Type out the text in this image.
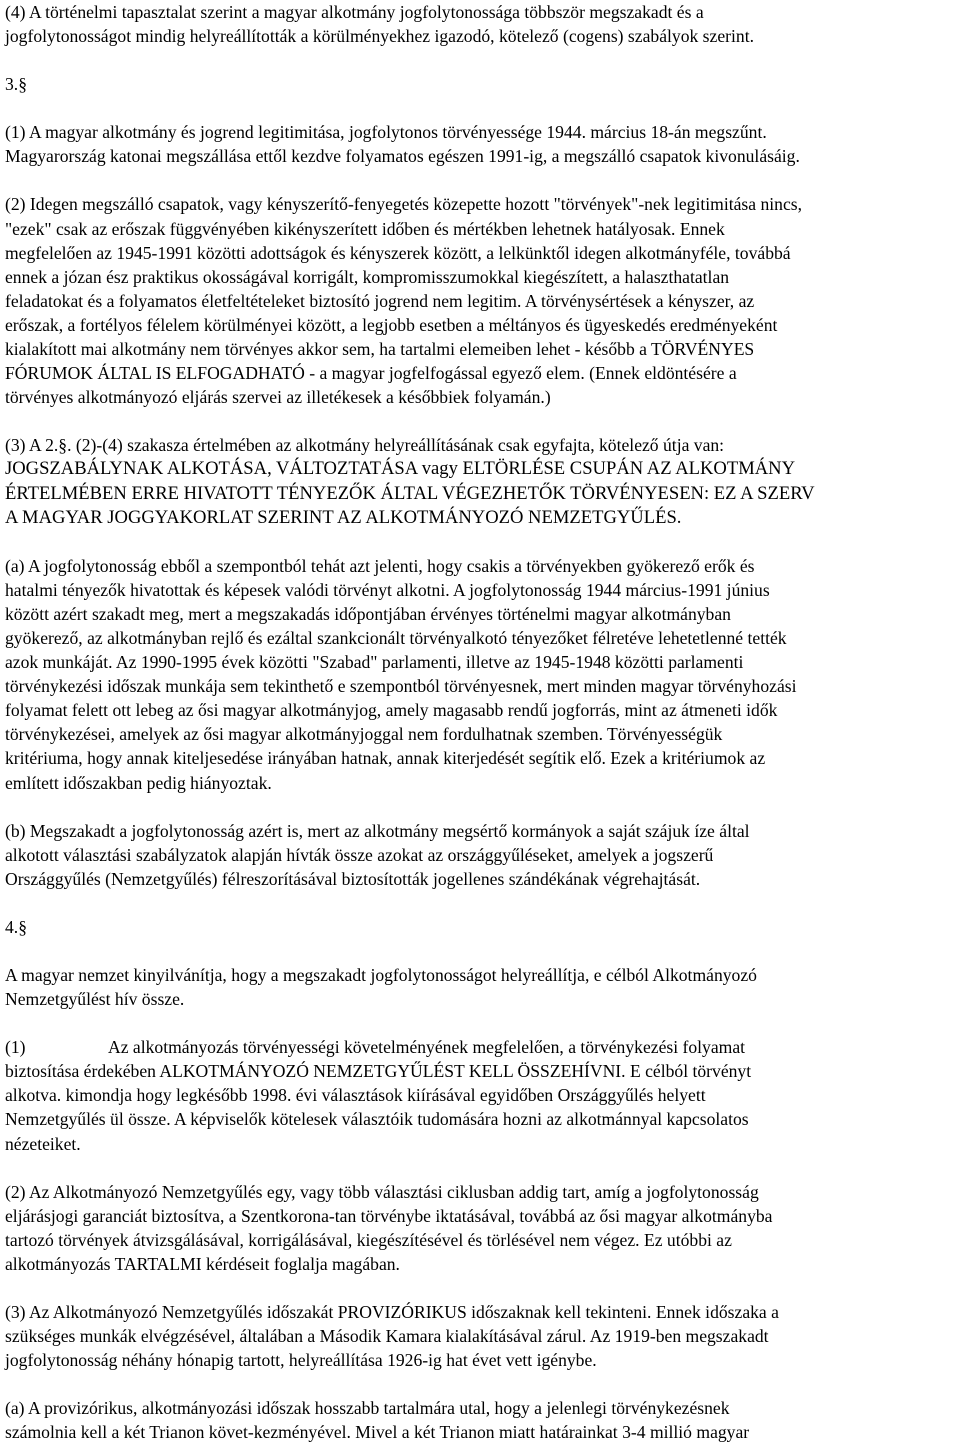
(4) A történelmi tapasztalat szerint a magyar alkotmány jogfolytonossága többször megszakadt és a
jogfolytonosságot mindig helyreállították a körülményekhez igazodó, kötelező (cogens) szabályok szerint.
3.§
(1) A magyar alkotmány és jogrend legitimitása, jogfolytonos törvényessége 1944. március 18-án megszűnt.
Magyarország katonai megszállása ettől kezdve folyamatos egészen 1991-ig, a megszálló csapatok kivonulásáig.
(2) Idegen megszálló csapatok, vagy kényszerítő-fenyegetés közepette hozott "törvények"-nek legitimitása nincs,
"ezek" csak az erőszak függvényében kikényszerített időben és mértékben lehetnek hatályosak. Ennek
megfelelően az 1945-1991 közötti adottságok és kényszerek között, a lelkünktől idegen alkotmányféle, továbbá
ennek a józan ész praktikus okosságával korrigált, kompromisszumokkal kiegészített, a halaszthatatlan
feladatokat és a folyamatos életfeltételeket biztosító jogrend nem legitim. A törvénysértések a kényszer, az
erőszak, a fortélyos félelem körülményei között, a legjobb esetben a méltányos és ügyeskedés eredményeként
kialakított mai alkotmány nem törvényes akkor sem, ha tartalmi elemeiben lehet - később a TÖRVÉNYES
FÓRUMOK ÁLTAL IS ELFOGADHATÓ - a magyar jogfelfogással egyező elem. (Ennek eldöntésére a
törvényes alkotmányozó eljárás szervei az illetékesek a későbbiek folyamán.)
(3) A 2.§. (2)-(4) szakasza értelmében az alkotmány helyreállításának csak egyfajta, kötelező útja van:
JOGSZABÁLYNAK ALKOTÁSA, VÁLTOZTATÁSA vagy ELTÖRLÉSE CSUPÁN AZ ALKOTMÁNY
ÉRTELMÉBEN ERRE HIVATOTT TÉNYEZŐK ÁLTAL VÉGEZHETŐK TÖRVÉNYESEN: EZ A SZERV
A MAGYAR JOGGYAKORLAT SZERINT AZ ALKOTMÁNYOZÓ NEMZETGYŰLÉS.
(a) A jogfolytonosság ebből a szempontból tehát azt jelenti, hogy csakis a törvényekben gyökerező erők és
hatalmi tényezők hivatottak és képesek valódi törvényt alkotni. A jogfolytonosság 1944 március-1991 június
között azért szakadt meg, mert a megszakadás időpontjában érvényes történelmi magyar alkotmányban
gyökerező, az alkotmányban rejlő és ezáltal szankcionált törvényalkotó tényezőket félretéve lehetetlenné tették
azok munkáját. Az 1990-1995 évek közötti "Szabad" parlamenti, illetve az 1945-1948 közötti parlamenti
törvénykezési időszak munkája sem tekinthető e szempontból törvényesnek, mert minden magyar törvényhozási
folyamat felett ott lebeg az ősi magyar alkotmányjog, amely magasabb rendű jogforrás, mint az átmeneti idők
törvénykezései, amelyek az ősi magyar alkotmányjoggal nem fordulhatnak szemben. Törvényességük
kritériuma, hogy annak kiteljesedése irányában hatnak, annak kiterjedését segítik elő. Ezek a kritériumok az
említett időszakban pedig hiányoztak.
(b) Megszakadt a jogfolytonosság azért is, mert az alkotmány megsértő kormányok a saját szájuk íze által
alkotott választási szabályzatok alapján hívták össze azokat az országgyűléseket, amelyek a jogszerű
Országgyűlés (Nemzetgyűlés) félreszorításával biztosították jogellenes szándékának végrehajtását.
4.§
A magyar nemzet kinyilvánítja, hogy a megszakadt jogfolytonosságot helyreállítja, e célból Alkotmányozó
Nemzetgyűlést hív össze.
(1)	Az alkotmányozás törvényességi követelményének megfelelően, a törvénykezési folyamat
biztosítása érdekében ALKOTMÁNYOZÓ NEMZETGYŰLÉST KELL ÖSSZEHÍVNI. E célból törvényt
alkotva. kimondja hogy legkésőbb 1998. évi választások kiírásával egyidőben Országgyűlés helyett
Nemzetgyűlés ül össze. A képviselők kötelesek választóik tudomására hozni az alkotmánnyal kapcsolatos
nézeteiket.
(2) Az Alkotmányozó Nemzetgyűlés egy, vagy több választási ciklusban addig tart, amíg a jogfolytonosság
eljárásjogi garanciát biztosítva, a Szentkorona-tan törvénybe iktatásával, továbbá az ősi magyar alkotmányba
tartozó törvények átvizsgálásával, korrigálásával, kiegészítésével és törlésével nem végez. Ez utóbbi az
alkotmányozás TARTALMI kérdéseit foglalja magában.
(3) Az Alkotmányozó Nemzetgyűlés időszakát PROVIZÓRIKUS időszaknak kell tekinteni. Ennek időszaka a
szükséges munkák elvégzésével, általában a Második Kamara kialakításával zárul. Az 1919-ben megszakadt
jogfolytonosság néhány hónapig tartott, helyreállítása 1926-ig hat évet vett igénybe.
(a) A provizórikus, alkotmányozási időszak hosszabb tartalmára utal, hogy a jelenlegi törvénykezésnek
számolnia kell a két Trianon követ-kezményével. Mivel a két Trianon miatt határainkat 3-4 millió magyar
